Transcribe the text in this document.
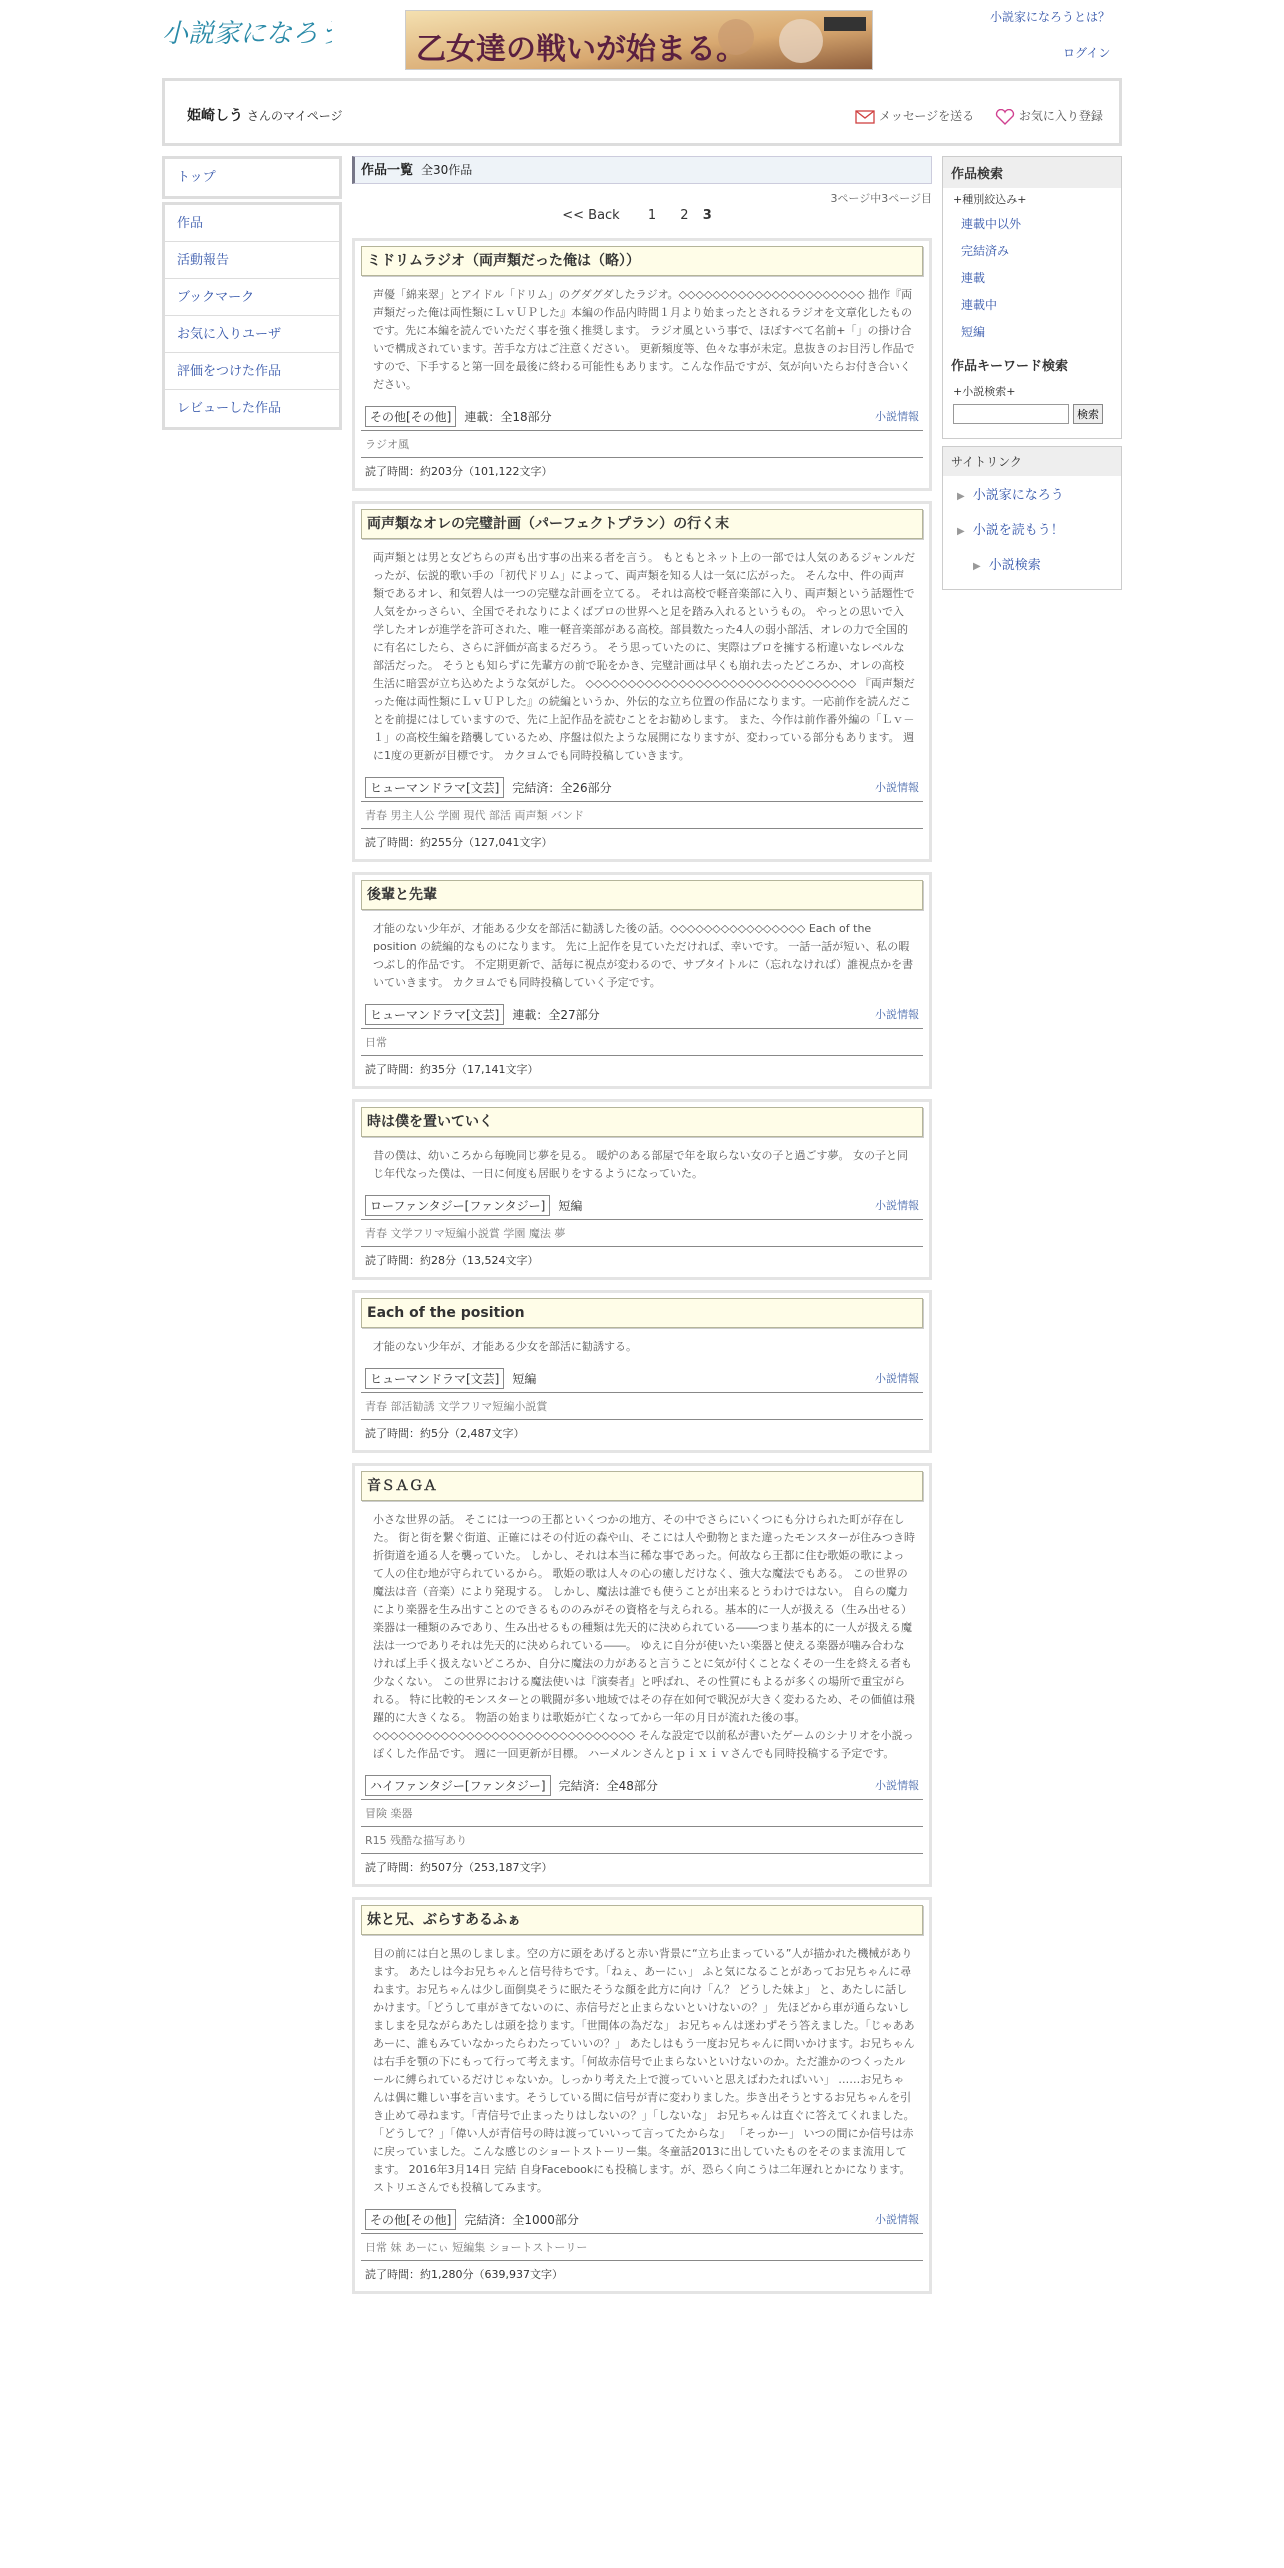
小説家になろう 乙女達の戦いが始まる。
小説家になろうとは？
ログイン
姫崎しう さんのマイページ	メッセージを送る	お気に入り登録
トップ
作品
活動報告
ブックマーク
お気に入りユーザ
評価をつけた作品
レビューした作品
作品一覧 全30作品
3ページ中3ページ目
<< Back 1 2 3
ミドリムラジオ（両声類だった俺は（略））
声優「綿来翠」とアイドル「ドリム」のグダグダしたラジオ。◇◇◇◇◇◇◇◇◇◇◇◇◇◇◇◇◇◇◇◇◇◇ 拙作『両声類だった俺は両性類にＬｖＵＰした』本編の作品内時間１月より始まったとされるラジオを文章化したものです。先に本編を読んでいただく事を強く推奨します。 ラジオ風という事で、ほぼすべて名前+「」の掛け合いで構成されています。苦手な方はご注意ください。 更新頻度等、色々な事が未定。息抜きのお目汚し作品ですので、下手すると第一回を最後に終わる可能性もあります。こんな作品ですが、気が向いたらお付き合いください。
その他[その他]	連載：全18部分	小説情報
ラジオ風
読了時間：約203分（101,122文字）
両声類なオレの完璧計画（パーフェクトプラン）の行く末
両声類とは男と女どちらの声も出す事の出来る者を言う。 もともとネット上の一部では人気のあるジャンルだったが、伝説的歌い手の「初代ドリム」によって、両声類を知る人は一気に広がった。 そんな中、件の両声類であるオレ、和気碧人は一つの完璧な計画を立てる。 それは高校で軽音楽部に入り、両声類という話題性で人気をかっさらい、全国でそれなりによくばプロの世界へと足を踏み入れるというもの。 やっとの思いで入学したオレが進学を許可された、唯一軽音楽部がある高校。部員数たった4人の弱小部活、オレの力で全国的に有名にしたら、さらに評価が高まるだろう。 そう思っていたのに、実際はプロを擁する桁違いなレベルな部活だった。 そうとも知らずに先輩方の前で恥をかき、完璧計画は早くも崩れ去ったどころか、オレの高校生活に暗雲が立ち込めたような気がした。 ◇◇◇◇◇◇◇◇◇◇◇◇◇◇◇◇◇◇◇◇◇◇◇◇◇◇◇◇◇◇◇◇ 『両声類だった俺は両性類にＬｖＵＰした』の続編というか、外伝的な立ち位置の作品になります。一応前作を読んだことを前提にはしていますので、先に上記作品を読むことをお勧めします。 また、今作は前作番外編の「Ｌｖ－１」の高校生編を踏襲しているため、序盤は似たような展開になりますが、変わっている部分もあります。 週に1度の更新が目標です。 カクヨムでも同時投稿していきます。
ヒューマンドラマ[文芸]	完結済：全26部分	小説情報
青春 男主人公 学園 現代 部活 両声類 バンド
読了時間：約255分（127,041文字）
後輩と先輩
才能のない少年が、才能ある少女を部活に勧誘した後の話。◇◇◇◇◇◇◇◇◇◇◇◇◇◇◇◇ Each of the position の続編的なものになります。 先に上記作を見ていただければ、幸いです。 一話一話が短い、私の暇つぶし的作品です。 不定期更新で、話毎に視点が変わるので、サブタイトルに（忘れなければ）誰視点かを書いていきます。 カクヨムでも同時投稿していく予定です。
ヒューマンドラマ[文芸]	連載：全27部分	小説情報
日常
読了時間：約35分（17,141文字）
時は僕を置いていく
昔の僕は、幼いころから毎晩同じ夢を見る。 暖炉のある部屋で年を取らない女の子と過ごす夢。 女の子と同じ年代なった僕は、一日に何度も居眠りをするようになっていた。
ローファンタジー[ファンタジー]	短編	小説情報
青春 文学フリマ短編小説賞 学園 魔法 夢
読了時間：約28分（13,524文字）
Each of the position
才能のない少年が、才能ある少女を部活に勧誘する。
ヒューマンドラマ[文芸]	短編	小説情報
青春 部活勧誘 文学フリマ短編小説賞
読了時間：約5分（2,487文字）
音ＳＡＧＡ
小さな世界の話。 そこには一つの王都といくつかの地方、その中でさらにいくつにも分けられた町が存在した。 街と街を繋ぐ街道、正確にはその付近の森や山、そこには人や動物とまた違ったモンスターが住みつき時折街道を通る人を襲っていた。 しかし、それは本当に稀な事であった。何故なら王都に住む歌姫の歌によって人の住む地が守られているから。 歌姫の歌は人々の心の癒しだけなく、強大な魔法でもある。 この世界の魔法は音（音楽）により発現する。 しかし、魔法は誰でも使うことが出来るとうわけではない。 自らの魔力により楽器を生み出すことのできるもののみがその資格を与えられる。基本的に一人が扱える（生み出せる）楽器は一種類のみであり、生み出せるもの種類は先天的に決められている――つまり基本的に一人が扱える魔法は一つでありそれは先天的に決められている――。 ゆえに自分が使いたい楽器と使える楽器が噛み合わなければ上手く扱えないどころか、自分に魔法の力があると言うことに気が付くことなくその一生を終える者も少なくない。 この世界における魔法使いは『演奏者』と呼ばれ、その性質にもよるが多くの場所で重宝がられる。 特に比較的モンスターとの戦闘が多い地域ではその存在如何で戦況が大きく変わるため、その価値は飛躍的に大きくなる。 物語の始まりは歌姫が亡くなってから一年の月日が流れた後の事。 ◇◇◇◇◇◇◇◇◇◇◇◇◇◇◇◇◇◇◇◇◇◇◇◇◇◇◇◇◇◇◇ そんな設定で以前私が書いたゲームのシナリオを小説っぽくした作品です。 週に一回更新が目標。 ハーメルンさんとｐｉｘｉｖさんでも同時投稿する予定です。
ハイファンタジー[ファンタジー]	完結済：全48部分	小説情報
冒険 楽器
R15 残酷な描写あり
読了時間：約507分（253,187文字）
妹と兄、ぶらすあるふぁ
目の前には白と黒のしましま。空の方に頭をあげると赤い背景に“立ち止まっている”人が描かれた機械があります。 あたしは今お兄ちゃんと信号待ちです。「ねぇ、あーにぃ」 ふと気になることがあってお兄ちゃんに尋ねます。お兄ちゃんは少し面倒臭そうに眠たそうな顔を此方に向け「ん？ どうした妹よ」 と、あたしに話しかけます。「どうして車がきてないのに、赤信号だと止まらないといけないの？」 先ほどから車が通らないしましまを見ながらあたしは頭を捻ります。「世間体の為だな」 お兄ちゃんは迷わずそう答えました。「じゃあああーに、誰もみていなかったらわたっていいの？」 あたしはもう一度お兄ちゃんに問いかけます。お兄ちゃんは右手を顎の下にもって行って考えます。「何故赤信号で止まらないといけないのか。ただ誰かのつくったルールに縛られているだけじゃないか。しっかり考えた上で渡っていいと思えばわたればいい」 ……お兄ちゃんは偶に難しい事を言います。そうしている間に信号が青に変わりました。歩き出そうとするお兄ちゃんを引き止めて尋ねます。「青信号で止まったりはしないの？」「しないな」 お兄ちゃんは直ぐに答えてくれました。「どうして？」「偉い人が青信号の時は渡っていいって言ってたからな」 「そっかー」 いつの間にか信号は赤に戻っていました。こんな感じのショートストーリー集。冬童話2013に出していたものをそのまま流用してます。 2016年3月14日 完結 自身Facebookにも投稿します。が、恐らく向こうは二年遅れとかになります。 ストリエさんでも投稿してみます。
その他[その他]	完結済：全1000部分	小説情報
日常 妹 あーにぃ 短編集 ショートストーリー
読了時間：約1,280分（639,937文字）
作品検索
+種別絞込み+
連載中以外
完結済み
連載
連載中
短編
作品キーワード検索
+小説検索+
検索
サイトリンク
▶ 小説家になろう
▶ 小説を読もう！
▶ 小説検索
